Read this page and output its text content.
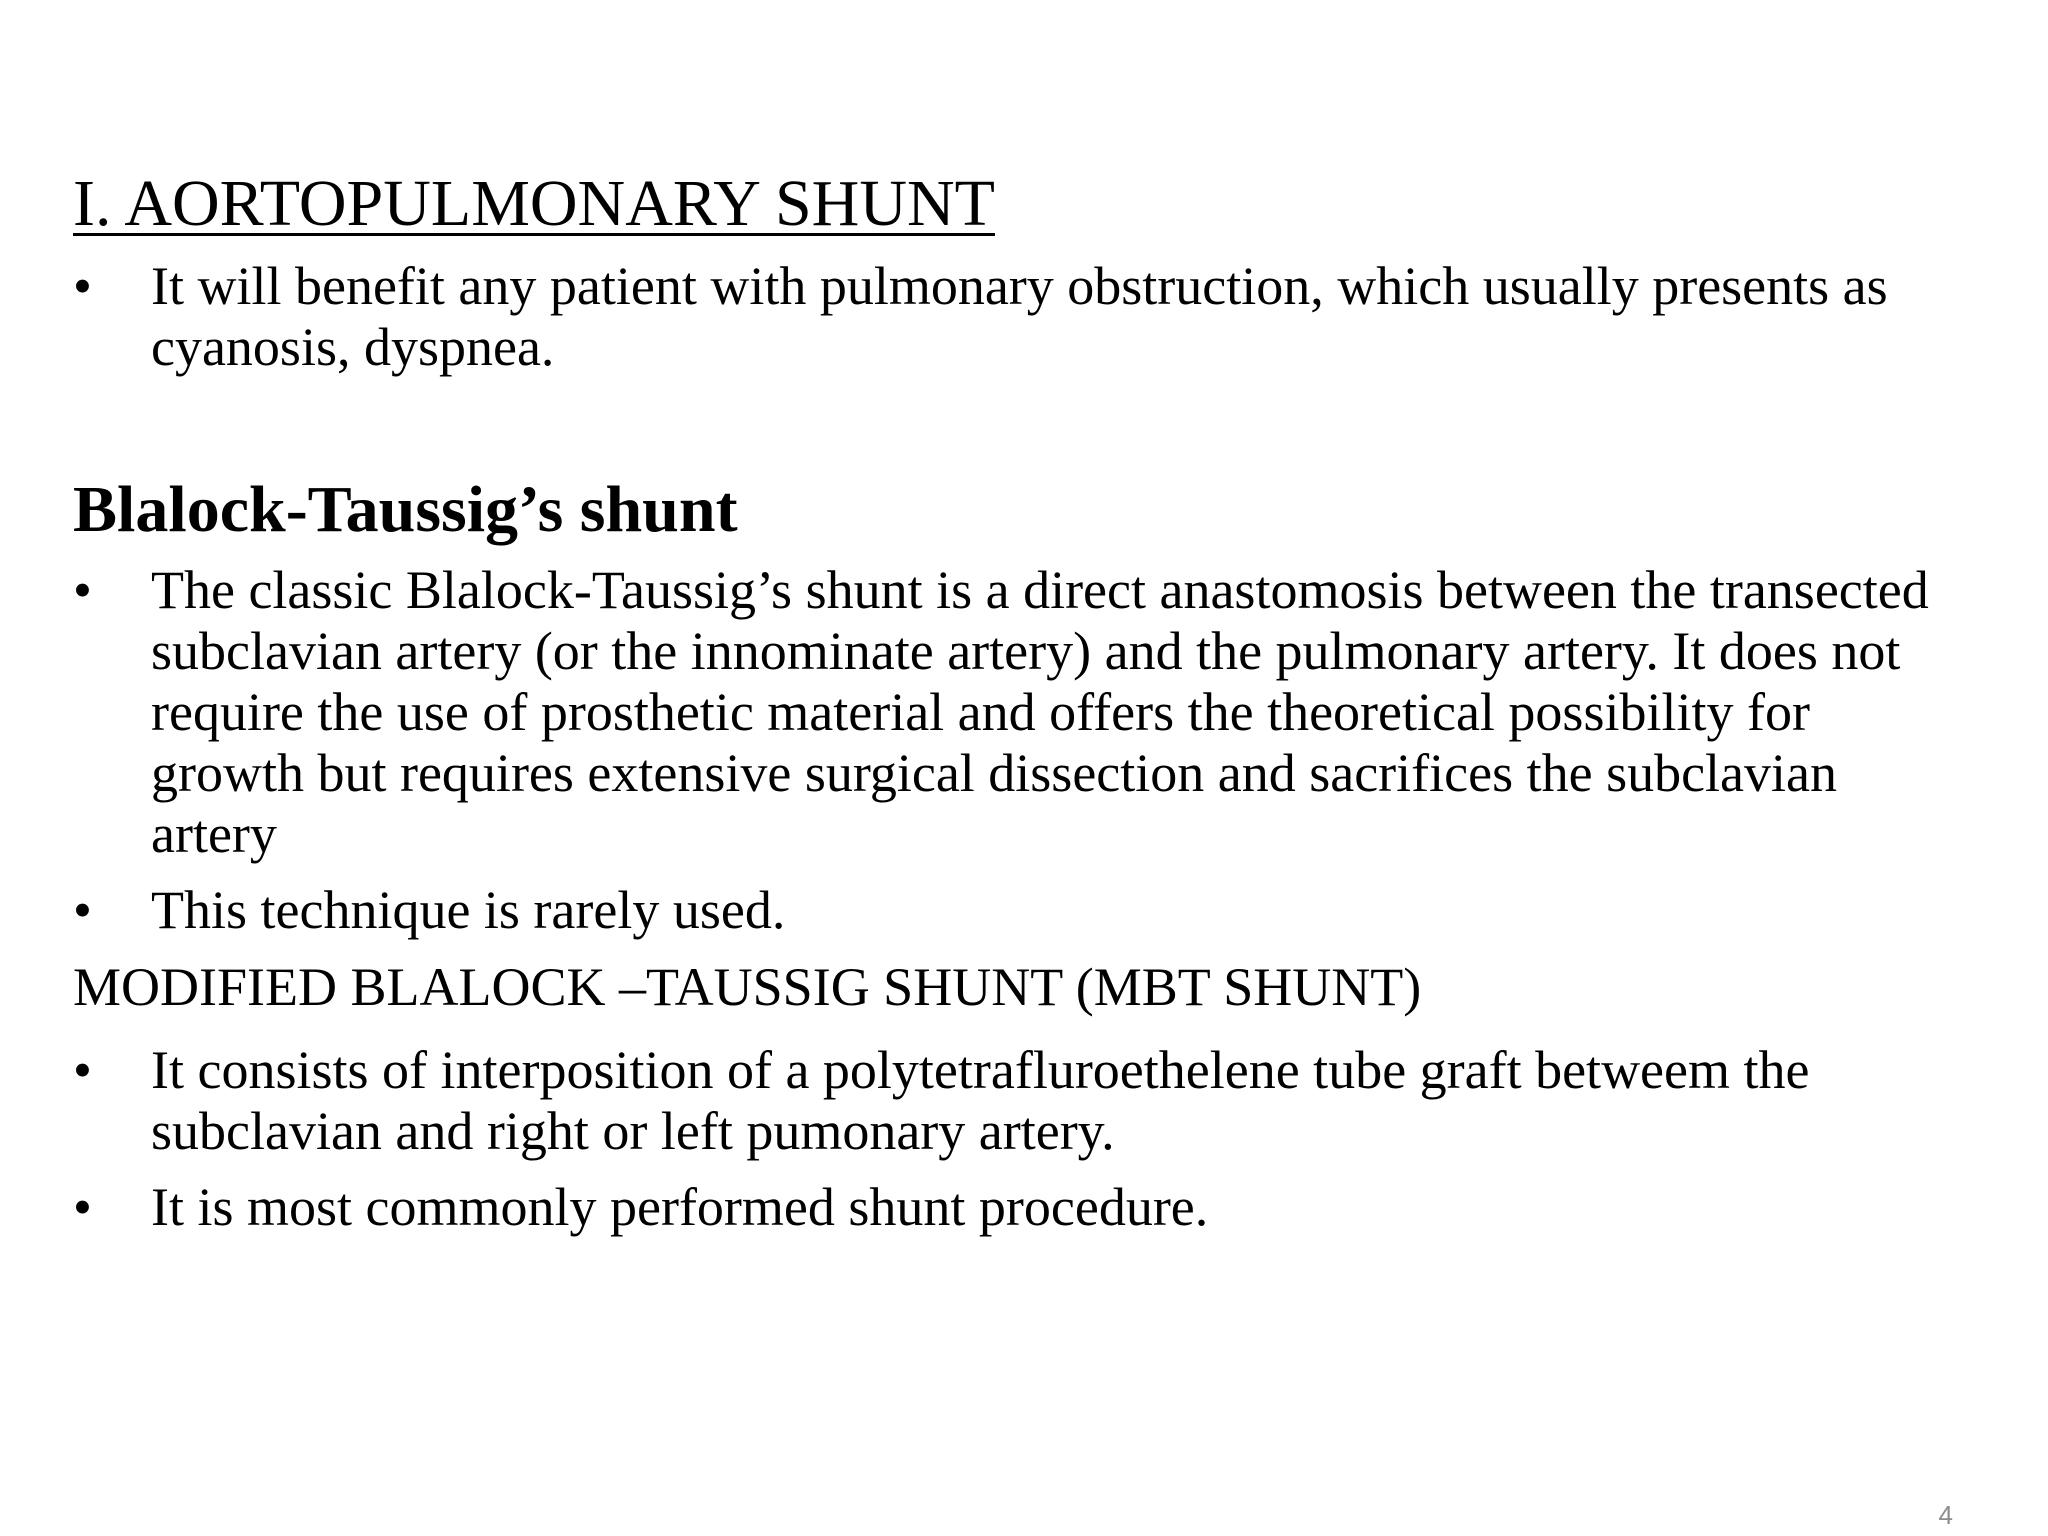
I. AORTOPULMONARY SHUNT
•	It will benefit any patient with pulmonary obstruction, which usually presents as cyanosis, dyspnea.
Blalock-Taussig’s shunt
•	The classic Blalock-Taussig’s shunt is a direct anastomosis between the transected subclavian artery (or the innominate artery) and the pulmonary artery. It does not require the use of prosthetic material and offers the theoretical possibility for growth but requires extensive surgical dissection and sacrifices the subclavian artery
•	This technique is rarely used.

MODIFIED BLALOCK –TAUSSIG SHUNT (MBT SHUNT)

•	It consists of interposition of a polytetrafluroethelene tube graft betweem the subclavian and right or left pumonary artery.
•	It is most commonly performed shunt procedure.
4
